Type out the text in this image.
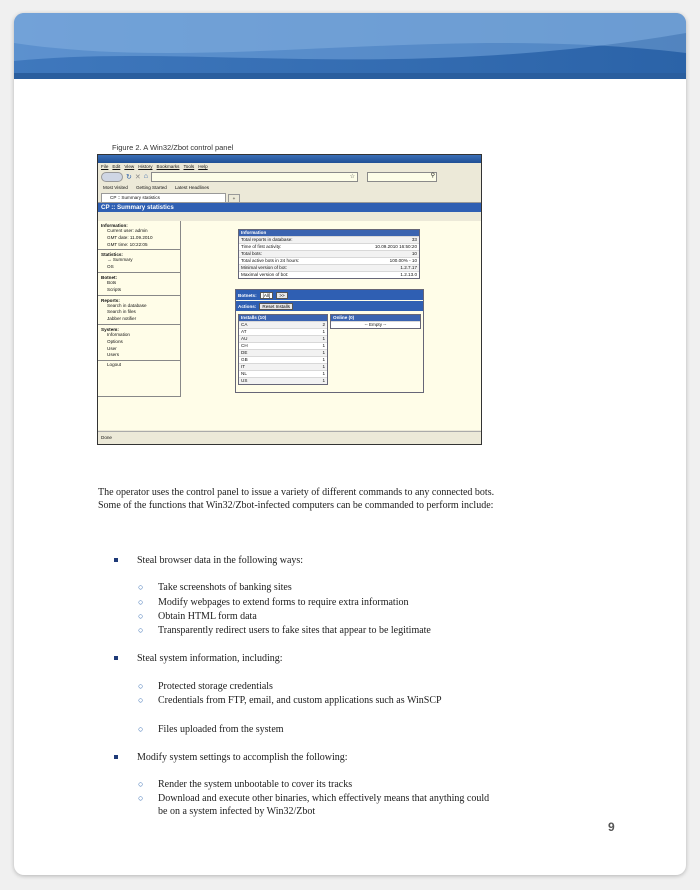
Figure 2. A Win32/Zbot control panel
File Edit View History Bookmarks Tools Help
↻ ✕ ⌂	☆	⚲
Most Visited Getting Started Latest Headlines
CP :: Summary statistics	+
CP :: Summary statistics
Information:
Current user: admin
GMT date: 11.09.2010
GMT time: 10:22:05
Statistics:
→ Summary
OS
Botnet:
Bots
Scripts
Reports:
Search in database
Search in files
Jabber notifier
System:
Information
Options
User
Users
Logout
Information
Total reports in database:	33
Time of first activity:	10.09.2010 16:50:20
Total bots:	10
Total active bots in 24 hours:	100.00% - 10
Minimal version of bot:	1.2.7.17
Maximal version of bot:	1.2.13.0
Botnets:	[All]	>>
Actions:	Reset Installs
Installs (10)
CA	2
AT	1
AU	1
CH	1
DE	1
GB	1
IT	1
NL	1
US	1
Online (0)
-- Empty --
Done
The operator uses the control panel to issue a variety of different commands to any connected bots. Some of the functions that Win32/Zbot-infected computers can be commanded to perform include:
Steal browser data in the following ways:
○ Take screenshots of banking sites
○ Modify webpages to extend forms to require extra information
○ Obtain HTML form data
○ Transparently redirect users to fake sites that appear to be legitimate
Steal system information, including:
○ Protected storage credentials
○ Credentials from FTP, email, and custom applications such as WinSCP
○ Files uploaded from the system
Modify system settings to accomplish the following:
○ Render the system unbootable to cover its tracks
○ Download and execute other binaries, which effectively means that anything could be on a system infected by Win32/Zbot
9
